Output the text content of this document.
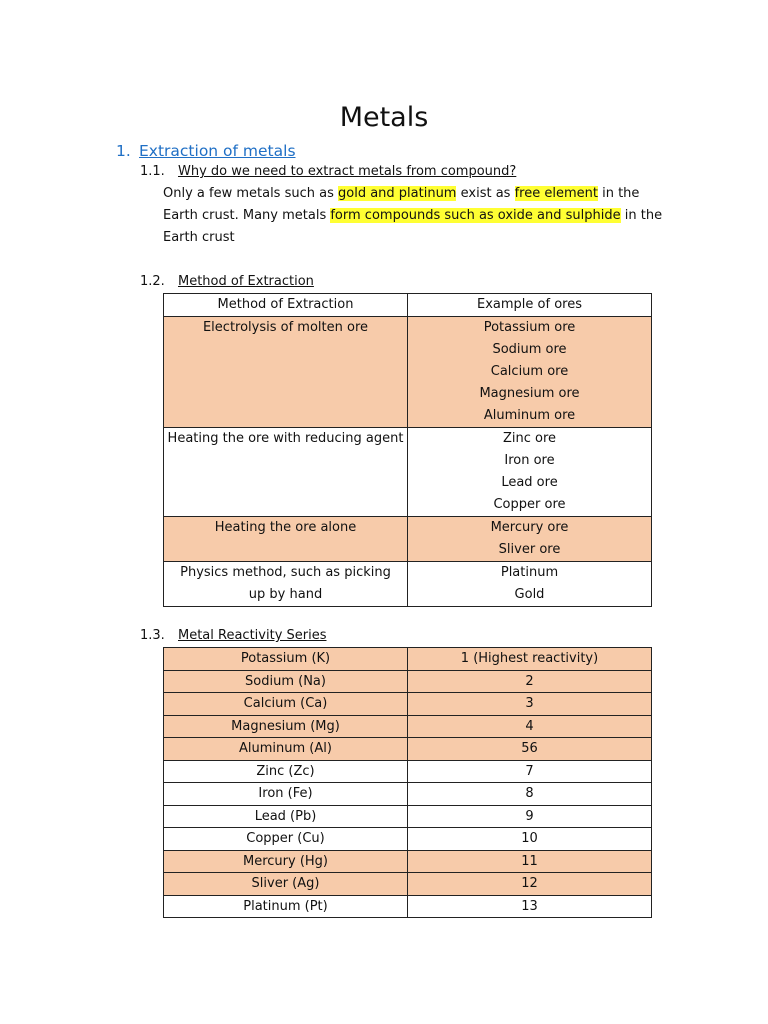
Metals
1. Extraction of metals
1.1. Why do we need to extract metals from compound?
Only a few metals such as gold and platinum exist as free element in the Earth crust. Many metals form compounds such as oxide and sulphide in the Earth crust
1.2. Method of Extraction
Method of Extraction	Example of ores

Electrolysis of molten ore	Potassium ore
Sodium ore
Calcium ore
Magnesium ore
Aluminum ore

Heating the ore with reducing agent	Zinc ore
Iron ore
Lead ore
Copper ore

Heating the ore alone	Mercury ore
Sliver ore

Physics method, such as picking up by hand	Platinum
Gold
1.3. Metal Reactivity Series
Potassium (K)	1 (Highest reactivity)
Sodium (Na)	2
Calcium (Ca)	3
Magnesium (Mg)	4
Aluminum (Al)	56
Zinc (Zc)	7
Iron (Fe)	8
Lead (Pb)	9
Copper (Cu)	10
Mercury (Hg)	11
Sliver (Ag)	12
Platinum (Pt)	13
